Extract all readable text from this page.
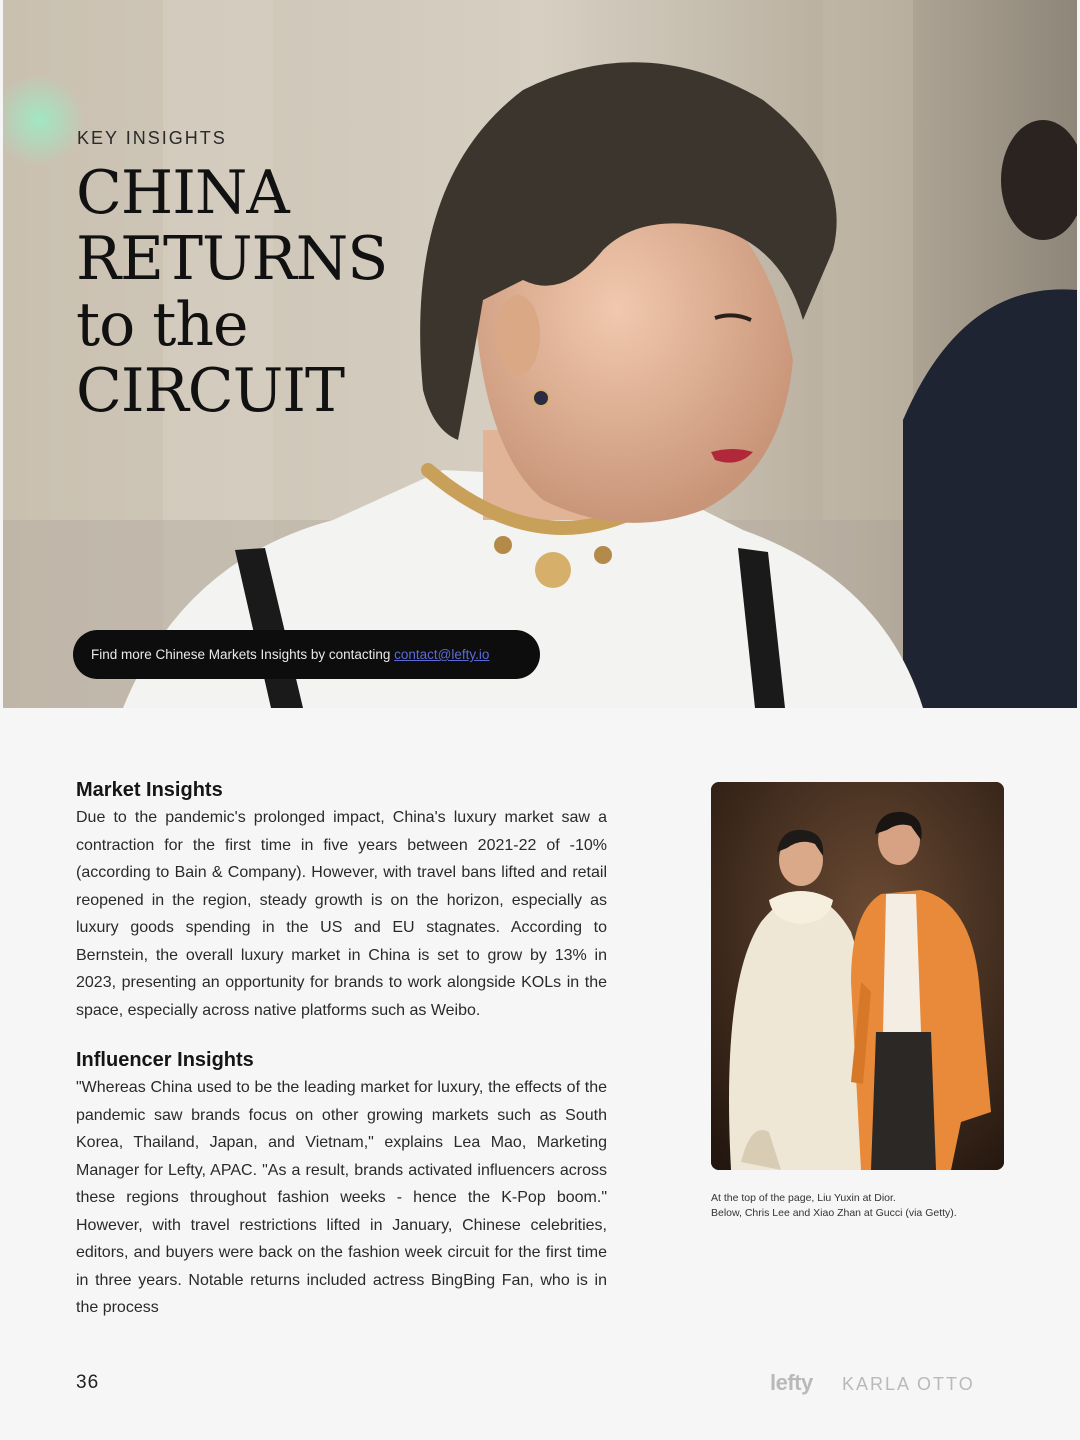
KEY INSIGHTS
CHINA
RETURNS
to the
CIRCUIT
Find more Chinese Markets Insights by contacting contact@lefty.io
Market Insights

Due to the pandemic's prolonged impact, China's luxury market saw a contraction for the first time in five years between 2021-22 of -10% (according to Bain & Company). However, with travel bans lifted and retail reopened in the region, steady growth is on the horizon, especially as luxury goods spending in the US and EU stagnates. According to Bernstein, the overall luxury market in China is set to grow by 13% in 2023, presenting an opportunity for brands to work alongside KOLs in the space, especially across native platforms such as Weibo.

Influencer Insights

"Whereas China used to be the leading market for luxury, the effects of the pandemic saw brands focus on other growing markets such as South Korea, Thailand, Japan, and Vietnam," explains Lea Mao, Marketing Manager for Lefty, APAC. "As a result, brands activated influencers across these regions throughout fashion weeks - hence the K-Pop boom." However, with travel restrictions lifted in January, Chinese celebrities, editors, and buyers were back on the fashion week circuit for the first time in three years. Notable returns included actress BingBing Fan, who is in the process

At the top of the page, Liu Yuxin at Dior.
Below, Chris Lee and Xiao Zhan at Gucci (via Getty).
36	lefty KARLA OTTO
